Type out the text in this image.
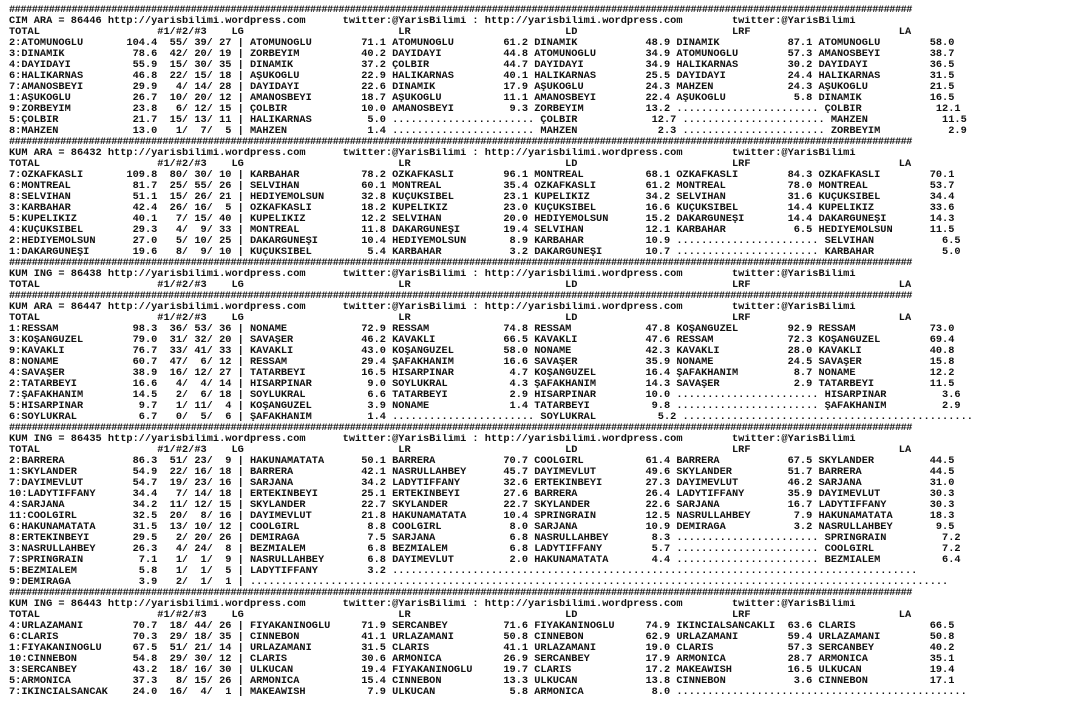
###############################################################################################################################################################
CIM ARA = 86446 http://yarisbilimi.wordpress.com      twitter:@YarisBilimi : http://yarisbilimi.wordpress.com        twitter:@YarisBilimi
TOTAL                   #1/#2/#3    LG                         LR                         LD                         LRF                        LA
2:ATOMUNOĞLU       104.4  55/ 39/ 27 | ATOMUNOĞLU        71.1 ATOMUNOĞLU        61.2 DİNAMİK           48.9 DİNAMİK           87.1 ATOMUNOĞLU        58.0
3:DİNAMİK           78.6  42/ 20/ 19 | ZORBEYİM          40.2 DAYIDAYI          44.8 ATOMUNOĞLU        34.9 ATOMUNOĞLU        57.3 AMANOSBEYİ        38.7
4:DAYIDAYI          55.9  15/ 30/ 35 | DİNAMİK           37.2 ÇOLBİR            44.7 DAYIDAYI          34.9 HALİKARNAS        30.2 DAYIDAYI          36.5
6:HALİKARNAS        46.8  22/ 15/ 18 | AŞUKOĞLU          22.9 HALİKARNAS        40.1 HALİKARNAS        25.5 DAYIDAYI          24.4 HALİKARNAS        31.5
7:AMANOSBEYİ        29.9   4/ 14/ 28 | DAYIDAYI          22.6 DİNAMİK           17.9 AŞUKOĞLU          24.3 MAHZEN            24.3 AŞUKOĞLU          21.5
1:AŞUKOĞLU          26.7  10/ 20/ 12 | AMANOSBEYİ        18.7 AŞUKOĞLU          11.1 AMANOSBEYİ        22.4 AŞUKOĞLU           5.8 DİNAMİK           16.5
9:ZORBEYİM          23.8   6/ 12/ 15 | ÇOLBİR            10.0 AMANOSBEYİ         9.3 ZORBEYİM          13.2 ....................... ÇOLBİR            12.1
5:ÇOLBİR            21.7  15/ 13/ 11 | HALİKARNAS         5.0 ....................... ÇOLBİR            12.7 ....................... MAHZEN            11.5
8:MAHZEN            13.0   1/  7/  5 | MAHZEN             1.4 ....................... MAHZEN             2.3 ....................... ZORBEYİM           2.9
###############################################################################################################################################################
KUM ARA = 86432 http://yarisbilimi.wordpress.com      twitter:@YarisBilimi : http://yarisbilimi.wordpress.com        twitter:@YarisBilimi
TOTAL                   #1/#2/#3    LG                         LR                         LD                         LRF                        LA
7:ÖZKAFKASLI       109.8  80/ 30/ 10 | KARBAHAR          78.2 ÖZKAFKASLI        96.1 MONTREAL          68.1 ÖZKAFKASLI        84.3 ÖZKAFKASLI        70.1
6:MONTREAL          81.7  25/ 55/ 26 | SELVİHAN          60.1 MONTREAL          35.4 ÖZKAFKASLI        61.2 MONTREAL          78.0 MONTREAL          53.7
8:SELVİHAN          51.1  15/ 26/ 21 | HEDİYEMOLSUN      32.8 KÜÇÜKSİBEL        23.1 KÜPELİKIZ         34.2 SELVİHAN          31.6 KÜÇÜKSİBEL        34.4
3:KARBAHAR          42.4  26/ 16/  5 | ÖZKAFKASLI        18.2 KÜPELİKIZ         23.0 KÜÇÜKSİBEL        16.6 KÜÇÜKSİBEL        14.4 KÜPELİKIZ         33.6
5:KÜPELİKIZ         40.1   7/ 15/ 40 | KÜPELİKIZ         12.2 SELVİHAN          20.0 HEDİYEMOLSUN      15.2 DAKARGÜNEŞİ       14.4 DAKARGÜNEŞİ       14.3
4:KÜÇÜKSİBEL        29.3   4/  9/ 33 | MONTREAL          11.8 DAKARGÜNEŞİ       19.4 SELVİHAN          12.1 KARBAHAR           6.5 HEDİYEMOLSUN      11.5
2:HEDİYEMOLSUN      27.0   5/ 10/ 25 | DAKARGÜNEŞİ       10.4 HEDİYEMOLSUN       8.9 KARBAHAR          10.9 ....................... SELVİHAN           6.5
1:DAKARGÜNEŞİ       19.6   8/  9/ 10 | KÜÇÜKSİBEL         5.4 KARBAHAR           3.2 DAKARGÜNEŞİ       10.7 ....................... KARBAHAR           5.0
###############################################################################################################################################################
KUM ING = 86438 http://yarisbilimi.wordpress.com      twitter:@YarisBilimi : http://yarisbilimi.wordpress.com        twitter:@YarisBilimi
TOTAL                   #1/#2/#3    LG                         LR                         LD                         LRF                        LA
###############################################################################################################################################################
KUM ARA = 86447 http://yarisbilimi.wordpress.com      twitter:@YarisBilimi : http://yarisbilimi.wordpress.com        twitter:@YarisBilimi
TOTAL                   #1/#2/#3    LG                         LR                         LD                         LRF                        LA
1:RESSAM            98.3  36/ 53/ 36 | NONAME            72.9 RESSAM            74.8 RESSAM            47.8 KOŞANGÜZEL        92.9 RESSAM            73.0
3:KOŞANGÜZEL        79.0  31/ 32/ 20 | SAVAŞER           46.2 KAVAKLI           66.5 KAVAKLI           47.6 RESSAM            72.3 KOŞANGÜZEL        69.4
9:KAVAKLI           76.7  33/ 41/ 33 | KAVAKLI           43.0 KOŞANGÜZEL        58.0 NONAME            42.3 KAVAKLI           28.0 KAVAKLI           40.8
8:NONAME            60.7  47/  6/ 12 | RESSAM            29.4 ŞAFAKHANIM        16.6 SAVAŞER           35.9 NONAME            24.5 SAVAŞER           15.8
4:SAVAŞER           38.9  16/ 12/ 27 | TATARBEYİ         16.5 HİSARPINAR         4.7 KOŞANGÜZEL        16.4 ŞAFAKHANIM         8.7 NONAME            12.2
2:TATARBEYİ         16.6   4/  4/ 14 | HİSARPINAR         9.0 SOYLUKRAL          4.3 ŞAFAKHANIM        14.3 SAVAŞER            2.9 TATARBEYİ         11.5
7:ŞAFAKHANIM        14.5   2/  6/ 18 | SOYLUKRAL          6.6 TATARBEYİ          2.9 HİSARPINAR        10.0 ....................... HİSARPINAR         3.6
5:HİSARPINAR         9.7   1/ 11/  4 | KOŞANGÜZEL         3.9 NONAME             1.4 TATARBEYİ          9.8 ....................... ŞAFAKHANIM         2.9
6:SOYLUKRAL          6.7   0/  5/  6 | ŞAFAKHANIM         1.4 ....................... SOYLUKRAL          5.2 ...............................................
###############################################################################################################################################################
KUM ING = 86435 http://yarisbilimi.wordpress.com      twitter:@YarisBilimi : http://yarisbilimi.wordpress.com        twitter:@YarisBilimi
TOTAL                   #1/#2/#3    LG                         LR                         LD                         LRF                        LA
2:BARRERA           86.3  51/ 23/  9 | HAKUNAMATATA      50.1 BARRERA           70.7 COOLGIRL          61.4 BARRERA           67.5 SKYLANDER         44.5
1:SKYLANDER         54.9  22/ 16/ 18 | BARRERA           42.1 NASRULLAHBEY      45.7 DAYIMEVLÜT        49.6 SKYLANDER         51.7 BARRERA           44.5
7:DAYIMEVLÜT        54.7  19/ 23/ 16 | SARJANA           34.2 LADYTIFFANY       32.6 ERTEKİNBEYİ       27.3 DAYIMEVLÜT        46.2 SARJANA           31.0
10:LADYTIFFANY      34.4   7/ 14/ 18 | ERTEKİNBEYİ       25.1 ERTEKİNBEYİ       27.6 BARRERA           26.4 LADYTIFFANY       35.9 DAYIMEVLÜT        30.3
4:SARJANA           34.2  11/ 12/ 15 | SKYLANDER         22.7 SKYLANDER         22.7 SKYLANDER         22.6 SARJANA           16.7 LADYTIFFANY       30.3
11:COOLGIRL         32.5  20/  8/ 16 | DAYIMEVLÜT        21.8 HAKUNAMATATA      10.4 SPRINGRAIN        12.5 NASRULLAHBEY       7.9 HAKUNAMATATA      18.3
6:HAKUNAMATATA      31.5  13/ 10/ 12 | COOLGIRL           8.8 COOLGIRL           8.0 SARJANA           10.9 DEMİRAĞA           3.2 NASRULLAHBEY       9.5
8:ERTEKİNBEYİ       29.5   2/ 20/ 26 | DEMİRAĞA           7.5 SARJANA            6.8 NASRULLAHBEY       8.3 ....................... SPRINGRAIN         7.2
3:NASRULLAHBEY      26.3   4/ 24/  8 | BEZMİALEM          6.8 BEZMİALEM          6.8 LADYTIFFANY        5.7 ....................... COOLGIRL           7.2
7:SPRINGRAIN         7.1   1/  1/  9 | NASRULLAHBEY       6.8 DAYIMEVLÜT         2.0 HAKUNAMATATA       4.4 ....................... BEZMİALEM          6.4
5:BEZMİALEM          5.8   1/  1/  5 | LADYTIFFANY        3.2 .....................................................................................
9:DEMİRAĞA           3.9   2/  1/  1 | .................................................................................................................
###############################################################################################################################################################
KUM ING = 86443 http://yarisbilimi.wordpress.com      twitter:@YarisBilimi : http://yarisbilimi.wordpress.com        twitter:@YarisBilimi
TOTAL                   #1/#2/#3    LG                         LR                         LD                         LRF                        LA
4:URLAZAMANI        70.7  18/ 44/ 26 | FİYAKANINOĞLU     71.9 SERCANBEY         71.6 FİYAKANINOĞLU     74.9 İKİNCİALSANCAKLI  63.6 CLARIS            66.5
6:CLARIS            70.3  29/ 18/ 35 | CINNEBON          41.1 URLAZAMANI        50.8 CINNEBON          62.9 URLAZAMANI        59.4 URLAZAMANI        50.8
1:FİYAKANINOĞLU     67.5  51/ 21/ 14 | URLAZAMANI        31.5 CLARIS            41.1 URLAZAMANI        19.0 CLARIS            57.3 SERCANBEY         40.2
10:CINNEBON         54.8  29/ 30/ 12 | CLARIS            30.6 ARMONICA          26.9 SERCANBEY         17.9 ARMONICA          28.7 ARMONICA          35.1
3:SERCANBEY         43.2  18/ 16/ 30 | ÜLKÜCAN           19.4 FİYAKANINOĞLU     19.7 CLARIS            17.2 MAKEAWISH         16.5 ÜLKÜCAN           19.4
5:ARMONICA          37.3   8/ 15/ 26 | ARMONICA          15.4 CINNEBON          13.3 ÜLKÜCAN           13.8 CINNEBON           3.6 CINNEBON          17.1
7:İKİNCİALSANCAK    24.0  16/  4/  1 | MAKEAWISH          7.9 ÜLKÜCAN            5.8 ARMONICA           8.0 ...............................................
